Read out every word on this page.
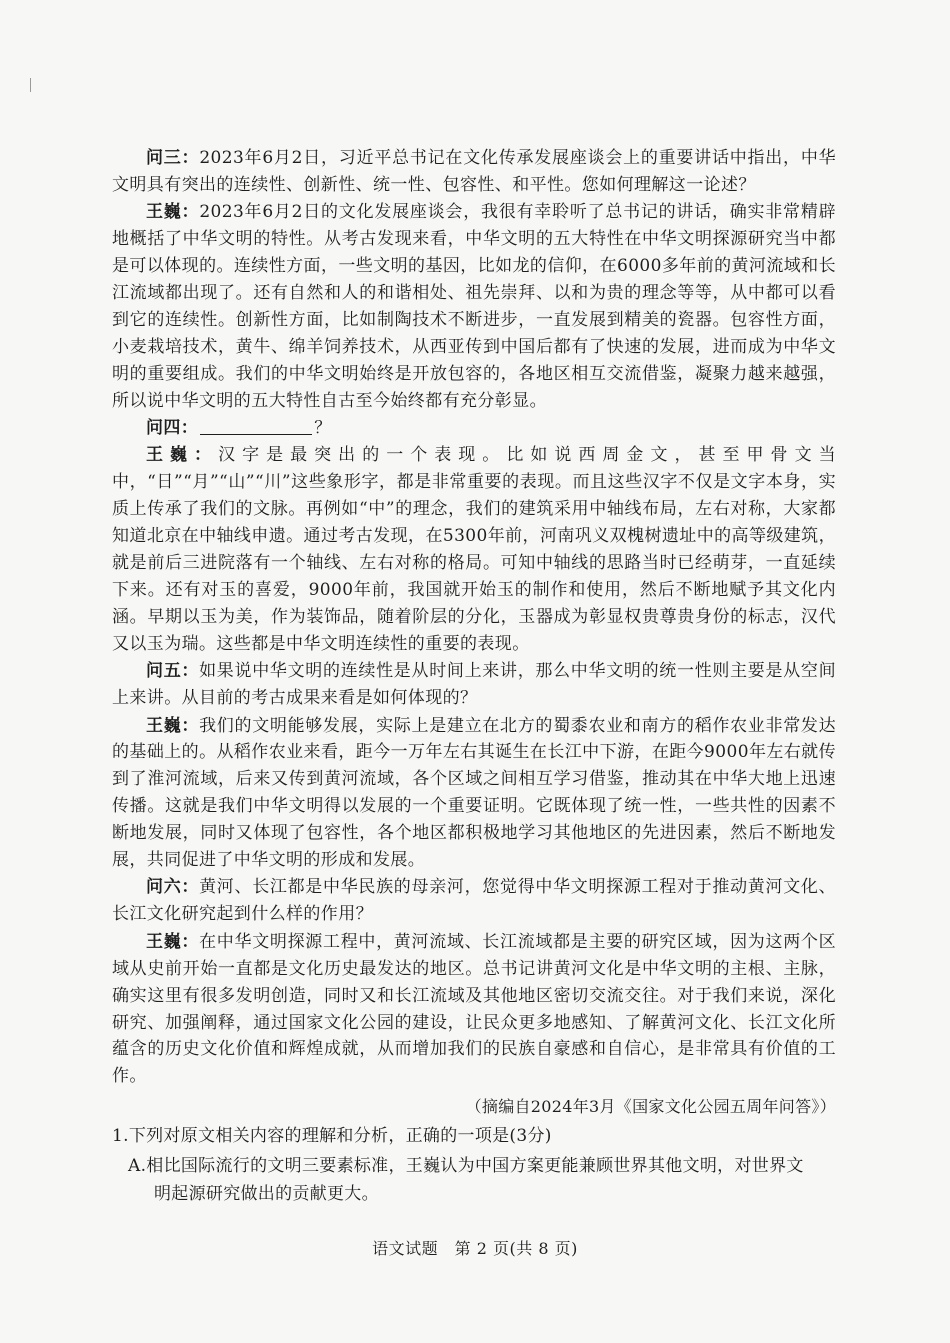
问三：2023年6月2日，习近平总书记在文化传承发展座谈会上的重要讲话中指出，中华文明具有突出的连续性、创新性、统一性、包容性、和平性。您如何理解这一论述？

王巍：2023年6月2日的文化发展座谈会，我很有幸聆听了总书记的讲话，确实非常精辟地概括了中华文明的特性。从考古发现来看，中华文明的五大特性在中华文明探源研究当中都是可以体现的。连续性方面，一些文明的基因，比如龙的信仰，在6000多年前的黄河流域和长江流域都出现了。还有自然和人的和谐相处、祖先崇拜、以和为贵的理念等等，从中都可以看到它的连续性。创新性方面，比如制陶技术不断进步，一直发展到精美的瓷器。包容性方面，小麦栽培技术，黄牛、绵羊饲养技术，从西亚传到中国后都有了快速的发展，进而成为中华文明的重要组成。我们的中华文明始终是开放包容的，各地区相互交流借鉴，凝聚力越来越强，所以说中华文明的五大特性自古至今始终都有充分彰显。

问四：	？

王巍：汉字是最突出的一个表现。比如说西周金文，甚至甲骨文当中，“日”“月”“山”“川”这些象形字，都是非常重要的表现。而且这些汉字不仅是文字本身，实质上传承了我们的文脉。再例如“中”的理念，我们的建筑采用中轴线布局，左右对称，大家都知道北京在中轴线申遗。通过考古发现，在5300年前，河南巩义双槐树遗址中的高等级建筑，就是前后三进院落有一个轴线、左右对称的格局。可知中轴线的思路当时已经萌芽，一直延续下来。还有对玉的喜爱，9000年前，我国就开始玉的制作和使用，然后不断地赋予其文化内涵。早期以玉为美，作为装饰品，随着阶层的分化，玉器成为彰显权贵尊贵身份的标志，汉代又以玉为瑞。这些都是中华文明连续性的重要的表现。

问五：如果说中华文明的连续性是从时间上来讲，那么中华文明的统一性则主要是从空间上来讲。从目前的考古成果来看是如何体现的？

王巍：我们的文明能够发展，实际上是建立在北方的蜀黍农业和南方的稻作农业非常发达的基础上的。从稻作农业来看，距今一万年左右其诞生在长江中下游，在距今9000年左右就传到了淮河流域，后来又传到黄河流域，各个区域之间相互学习借鉴，推动其在中华大地上迅速传播。这就是我们中华文明得以发展的一个重要证明。它既体现了统一性，一些共性的因素不断地发展，同时又体现了包容性，各个地区都积极地学习其他地区的先进因素，然后不断地发展，共同促进了中华文明的形成和发展。

问六：黄河、长江都是中华民族的母亲河，您觉得中华文明探源工程对于推动黄河文化、长江文化研究起到什么样的作用？

王巍：在中华文明探源工程中，黄河流域、长江流域都是主要的研究区域，因为这两个区域从史前开始一直都是文化历史最发达的地区。总书记讲黄河文化是中华文明的主根、主脉，确实这里有很多发明创造，同时又和长江流域及其他地区密切交流交往。对于我们来说，深化研究、加强阐释，通过国家文化公园的建设，让民众更多地感知、了解黄河文化、长江文化所蕴含的历史文化价值和辉煌成就，从而增加我们的民族自豪感和自信心，是非常具有价值的工作。

（摘编自2024年3月《国家文化公园五周年问答》）

1.下列对原文相关内容的理解和分析，正确的一项是(3分)

A.相比国际流行的文明三要素标准，王巍认为中国方案更能兼顾世界其他文明，对世界文
明起源研究做出的贡献更大。
语文试题　第 2 页(共 8 页)
